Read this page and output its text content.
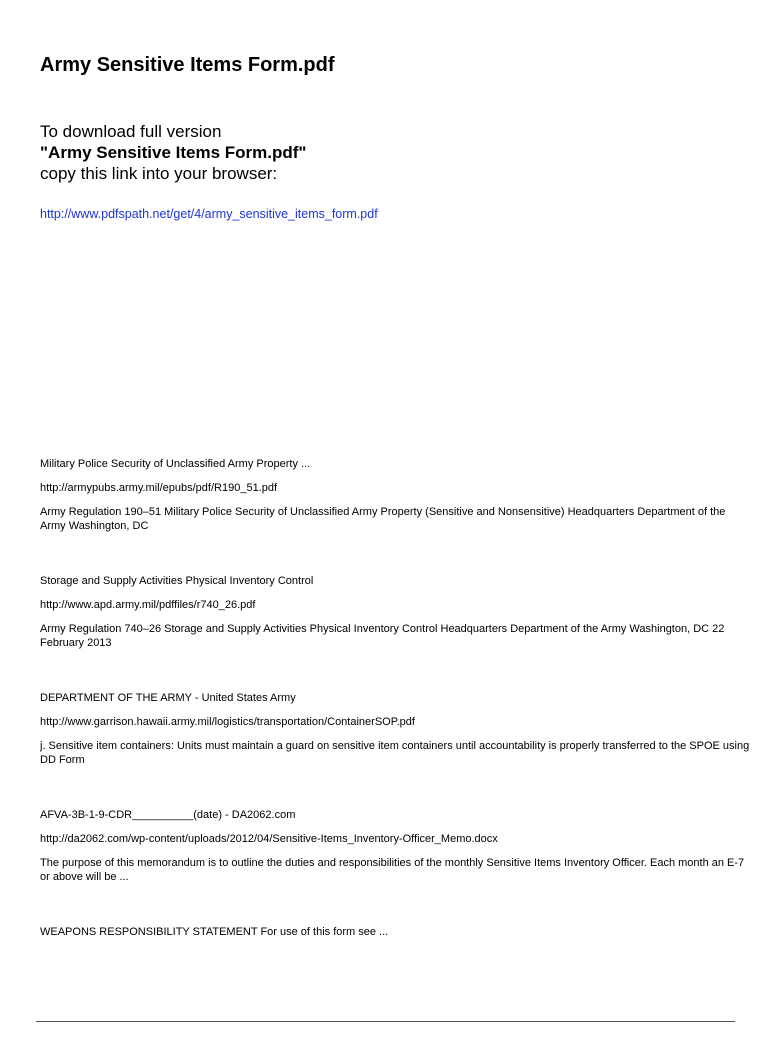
Army Sensitive Items Form.pdf
To download full version
"Army Sensitive Items Form.pdf"
copy this link into your browser:
http://www.pdfspath.net/get/4/army_sensitive_items_form.pdf

Military Police Security of Unclassified Army Property ...

http://armypubs.army.mil/epubs/pdf/R190_51.pdf

Army Regulation 190–51 Military Police Security of Unclassified Army Property (Sensitive and Nonsensitive) Headquarters Department of the Army Washington, DC

Storage and Supply Activities Physical Inventory Control

http://www.apd.army.mil/pdffiles/r740_26.pdf

Army Regulation 740–26 Storage and Supply Activities Physical Inventory Control Headquarters Department of the Army Washington, DC 22 February 2013

DEPARTMENT OF THE ARMY - United States Army

http://www.garrison.hawaii.army.mil/logistics/transportation/ContainerSOP.pdf

j. Sensitive item containers: Units must maintain a guard on sensitive item containers until accountability is properly transferred to the SPOE using DD Form

AFVA-3B-1-9-CDR__________(date) - DA2062.com

http://da2062.com/wp-content/uploads/2012/04/Sensitive-Items_Inventory-Officer_Memo.docx

The purpose of this memorandum is to outline the duties and responsibilities of the monthly Sensitive Items Inventory Officer. Each month an E-7 or above will be ...

WEAPONS RESPONSIBILITY STATEMENT For use of this form see ...
